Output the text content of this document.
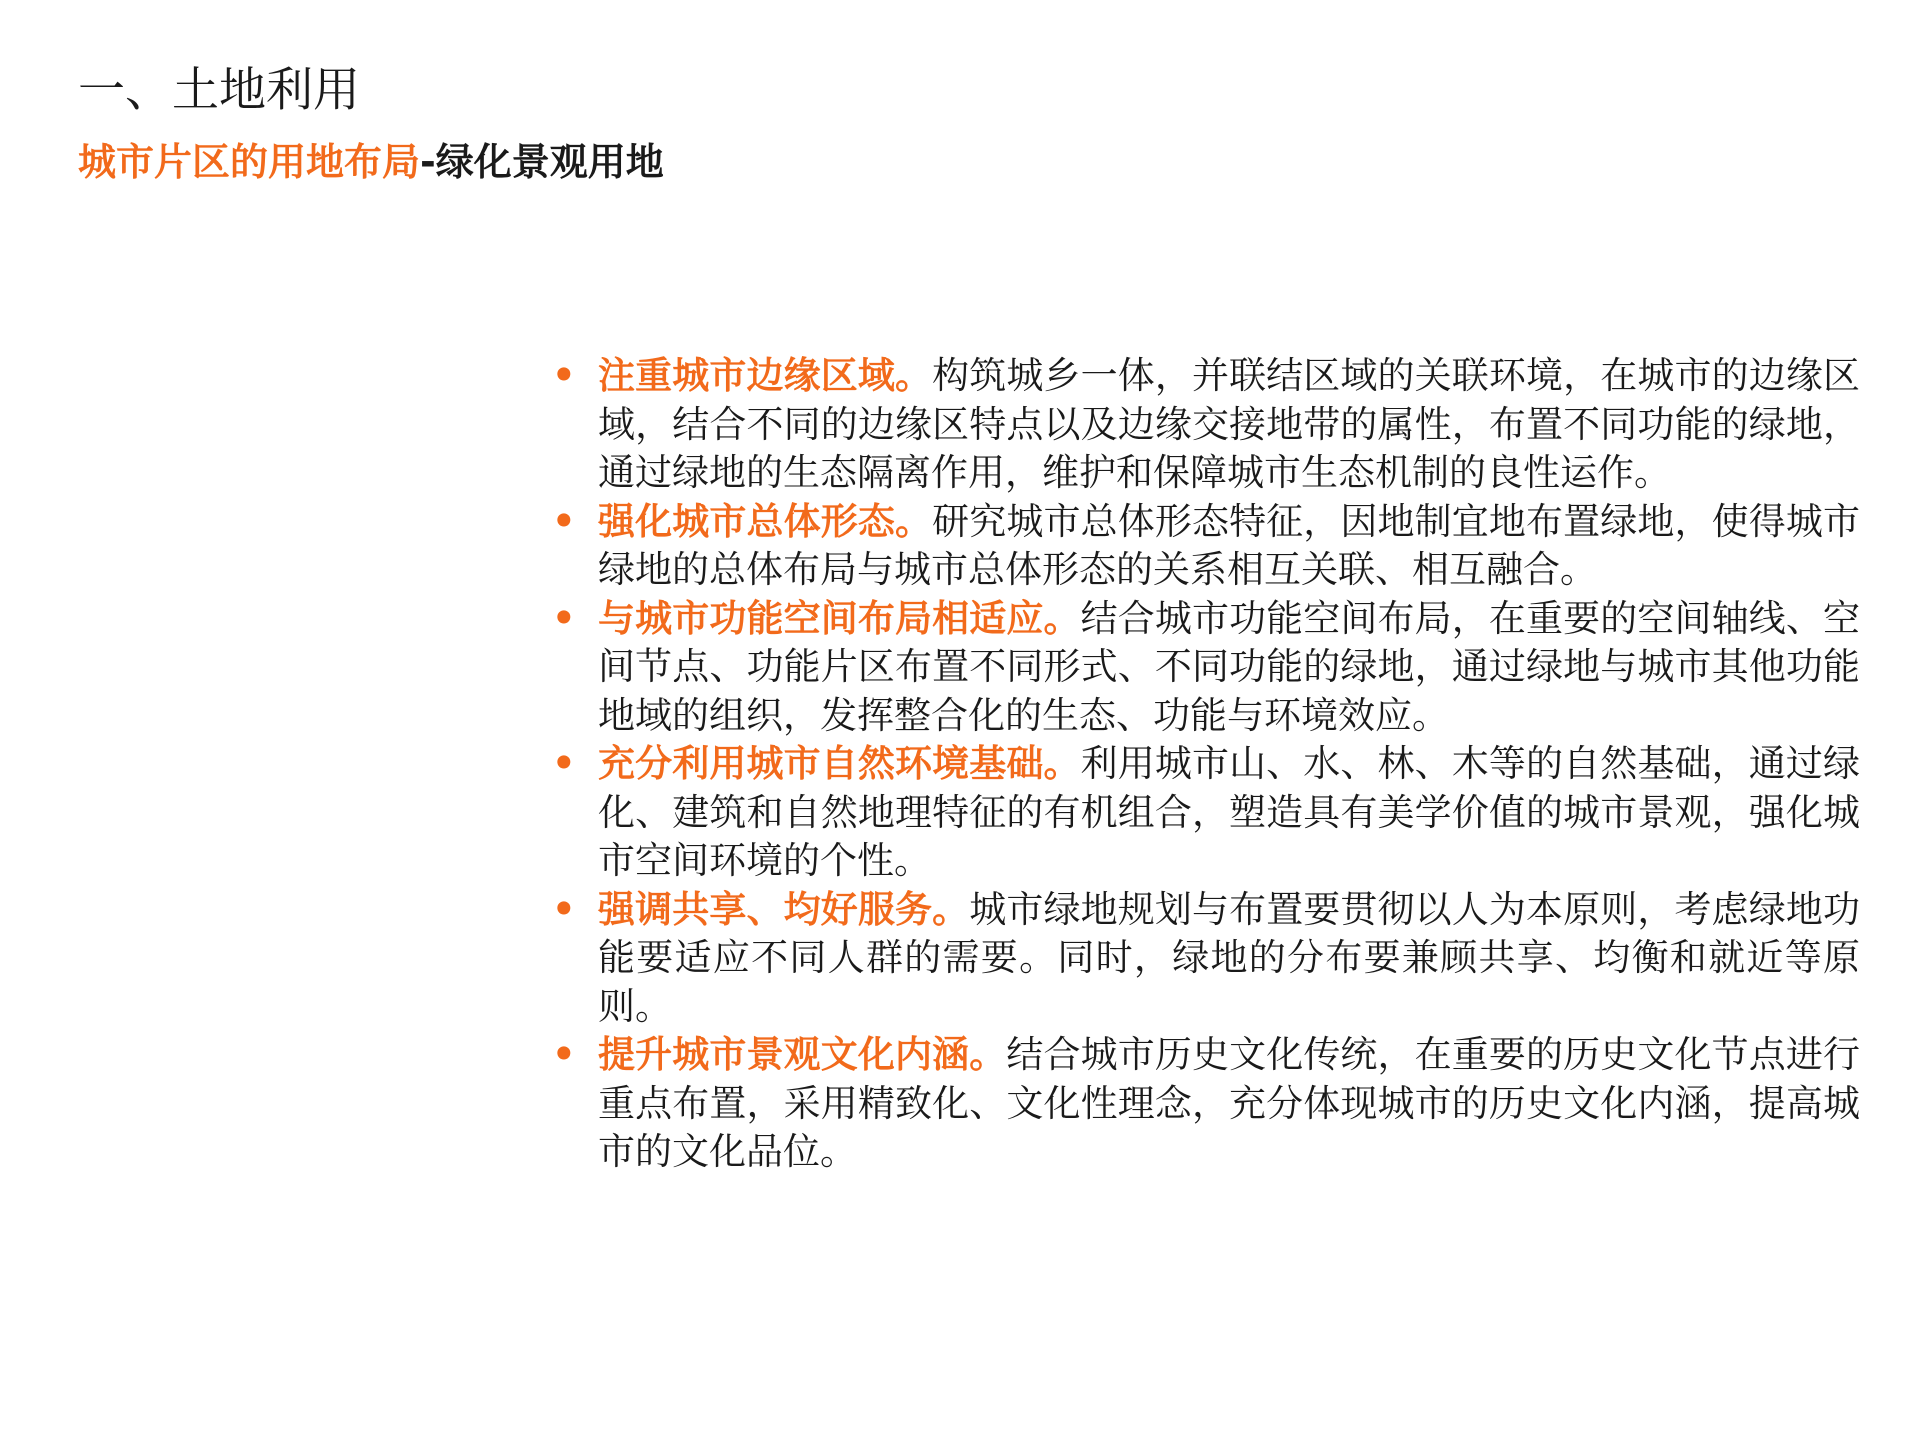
一、土地利用
城市片区的用地布局-绿化景观用地
• 注重城市边缘区域。构筑城乡一体，并联结区域的关联环境，在城市的边缘区域，结合不同的边缘区特点以及边缘交接地带的属性，布置不同功能的绿地，通过绿地的生态隔离作用，维护和保障城市生态机制的良性运作。
• 强化城市总体形态。研究城市总体形态特征，因地制宜地布置绿地，使得城市绿地的总体布局与城市总体形态的关系相互关联、相互融合。
• 与城市功能空间布局相适应。结合城市功能空间布局，在重要的空间轴线、空间节点、功能片区布置不同形式、不同功能的绿地，通过绿地与城市其他功能地域的组织，发挥整合化的生态、功能与环境效应。
• 充分利用城市自然环境基础。利用城市山、水、林、木等的自然基础，通过绿化、建筑和自然地理特征的有机组合，塑造具有美学价值的城市景观，强化城市空间环境的个性。
• 强调共享、均好服务。城市绿地规划与布置要贯彻以人为本原则，考虑绿地功能要适应不同人群的需要。同时，绿地的分布要兼顾共享、均衡和就近等原则。
• 提升城市景观文化内涵。结合城市历史文化传统，在重要的历史文化节点进行重点布置，采用精致化、文化性理念，充分体现城市的历史文化内涵，提高城市的文化品位。
